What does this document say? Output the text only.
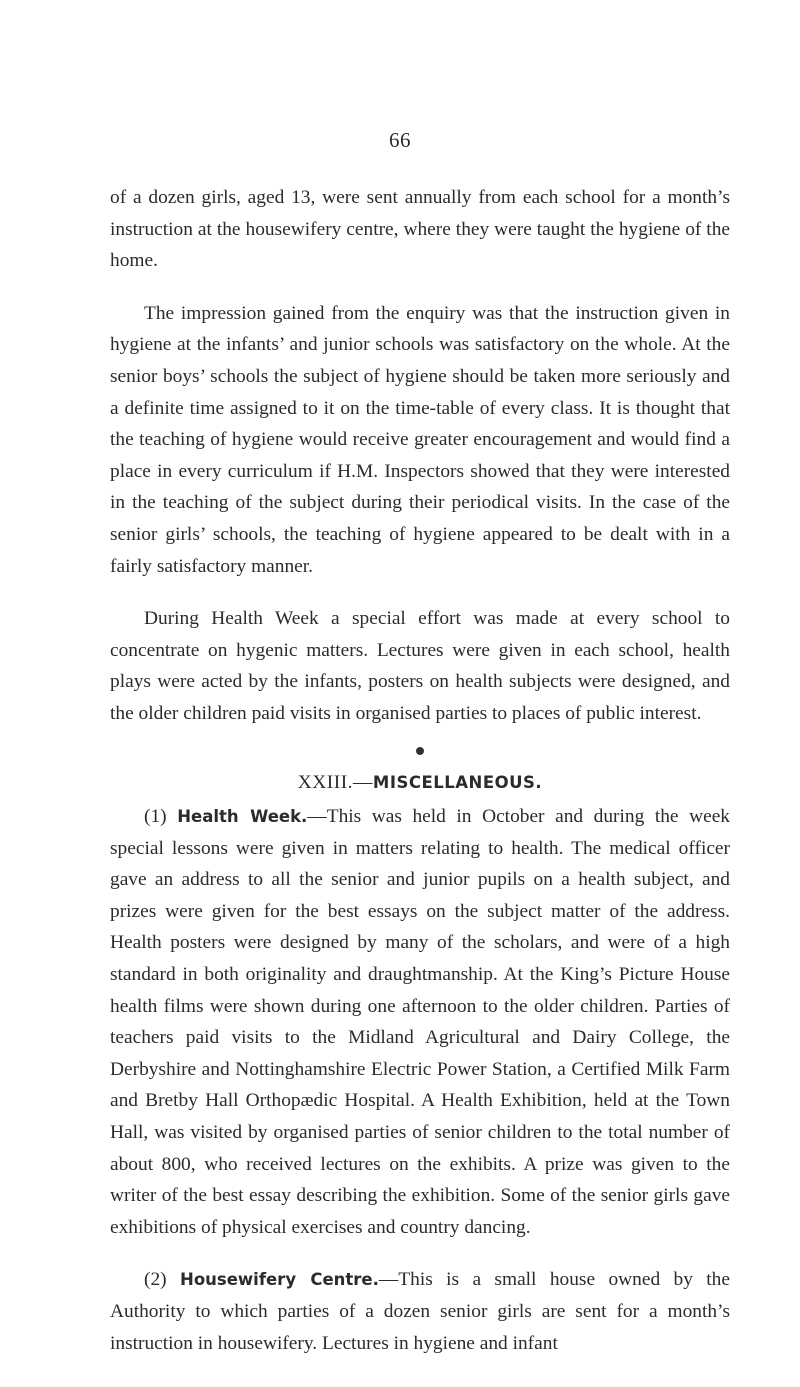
66

of a dozen girls, aged 13, were sent annually from each school for a month’s instruction at the housewifery centre, where they were taught the hygiene of the home.

The impression gained from the enquiry was that the instruction given in hygiene at the infants’ and junior schools was satisfactory on the whole. At the senior boys’ schools the subject of hygiene should be taken more seriously and a definite time assigned to it on the time-table of every class. It is thought that the teaching of hygiene would receive greater encouragement and would find a place in every curriculum if H.M. Inspectors showed that they were interested in the teaching of the subject during their periodical visits. In the case of the senior girls’ schools, the teaching of hygiene appeared to be dealt with in a fairly satisfactory manner.

During Health Week a special effort was made at every school to concentrate on hygenic matters. Lectures were given in each school, health plays were acted by the infants, posters on health subjects were designed, and the older children paid visits in organised parties to places of public interest.

XXIII.—MISCELLANEOUS.

(1) Health Week.—This was held in October and during the week special lessons were given in matters relating to health. The medical officer gave an address to all the senior and junior pupils on a health subject, and prizes were given for the best essays on the subject matter of the address. Health posters were designed by many of the scholars, and were of a high standard in both originality and draughtmanship. At the King’s Picture House health films were shown during one afternoon to the older children. Parties of teachers paid visits to the Midland Agricultural and Dairy College, the Derbyshire and Nottinghamshire Electric Power Station, a Certified Milk Farm and Bretby Hall Orthopædic Hospital. A Health Exhibition, held at the Town Hall, was visited by organised parties of senior children to the total number of about 800, who received lectures on the exhibits. A prize was given to the writer of the best essay describing the exhibition. Some of the senior girls gave exhibitions of physical exercises and country dancing.

(2) Housewifery Centre.—This is a small house owned by the Authority to which parties of a dozen senior girls are sent for a month’s instruction in housewifery. Lectures in hygiene and infant
